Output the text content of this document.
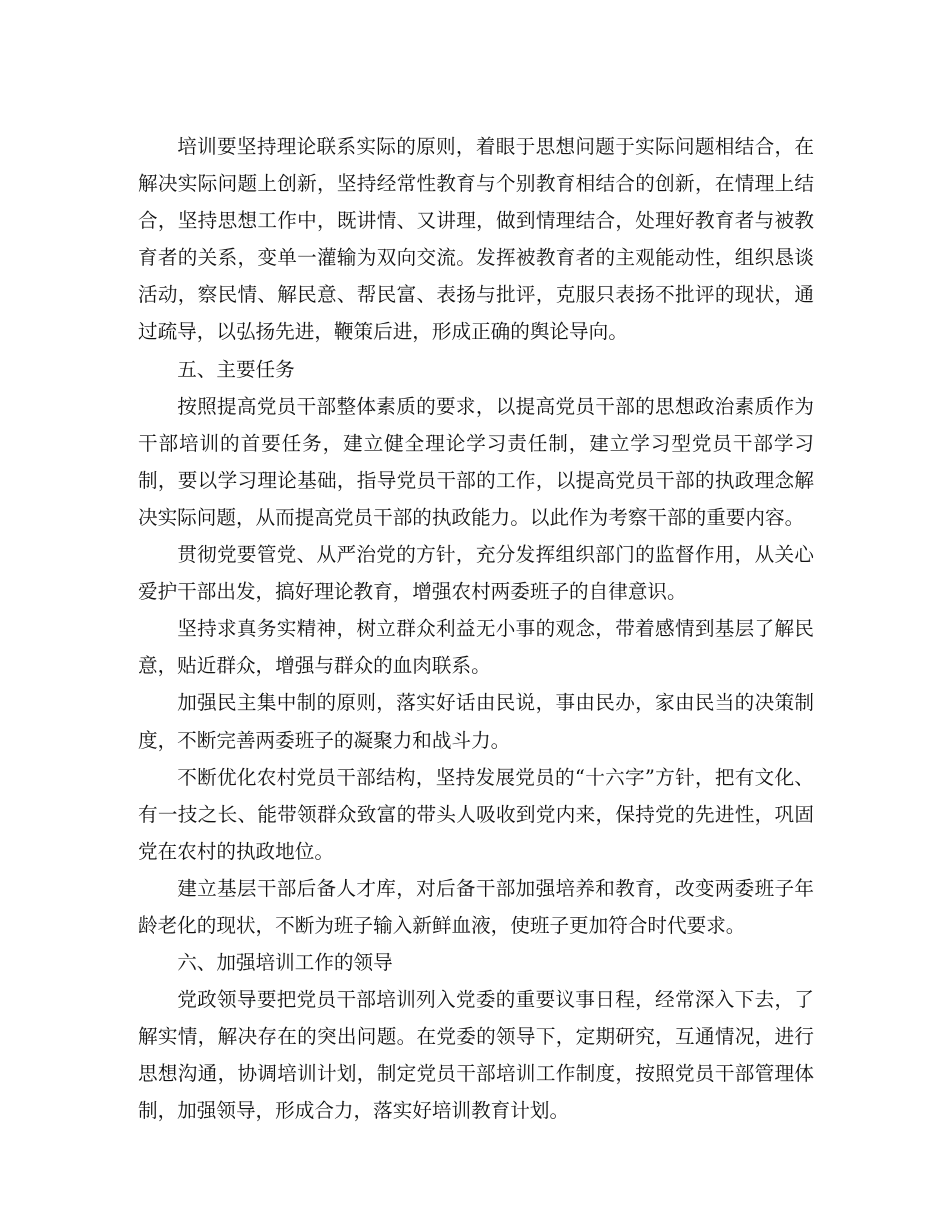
培训要坚持理论联系实际的原则，着眼于思想问题于实际问题相结合，在解决实际问题上创新，坚持经常性教育与个别教育相结合的创新，在情理上结合，坚持思想工作中，既讲情、又讲理，做到情理结合，处理好教育者与被教育者的关系，变单一灌输为双向交流。发挥被教育者的主观能动性，组织恳谈活动，察民情、解民意、帮民富、表扬与批评，克服只表扬不批评的现状，通过疏导，以弘扬先进，鞭策后进，形成正确的舆论导向。

五、主要任务

按照提高党员干部整体素质的要求，以提高党员干部的思想政治素质作为干部培训的首要任务，建立健全理论学习责任制，建立学习型党员干部学习制，要以学习理论基础，指导党员干部的工作，以提高党员干部的执政理念解决实际问题，从而提高党员干部的执政能力。以此作为考察干部的重要内容。

贯彻党要管党、从严治党的方针，充分发挥组织部门的监督作用，从关心爱护干部出发，搞好理论教育，增强农村两委班子的自律意识。

坚持求真务实精神，树立群众利益无小事的观念，带着感情到基层了解民意，贴近群众，增强与群众的血肉联系。

加强民主集中制的原则，落实好话由民说，事由民办，家由民当的决策制度，不断完善两委班子的凝聚力和战斗力。

不断优化农村党员干部结构，坚持发展党员的“十六字”方针，把有文化、有一技之长、能带领群众致富的带头人吸收到党内来，保持党的先进性，巩固党在农村的执政地位。

建立基层干部后备人才库，对后备干部加强培养和教育，改变两委班子年龄老化的现状，不断为班子输入新鲜血液，使班子更加符合时代要求。

六、加强培训工作的领导

党政领导要把党员干部培训列入党委的重要议事日程，经常深入下去，了解实情，解决存在的突出问题。在党委的领导下，定期研究，互通情况，进行思想沟通，协调培训计划，制定党员干部培训工作制度，按照党员干部管理体制，加强领导，形成合力，落实好培训教育计划。
